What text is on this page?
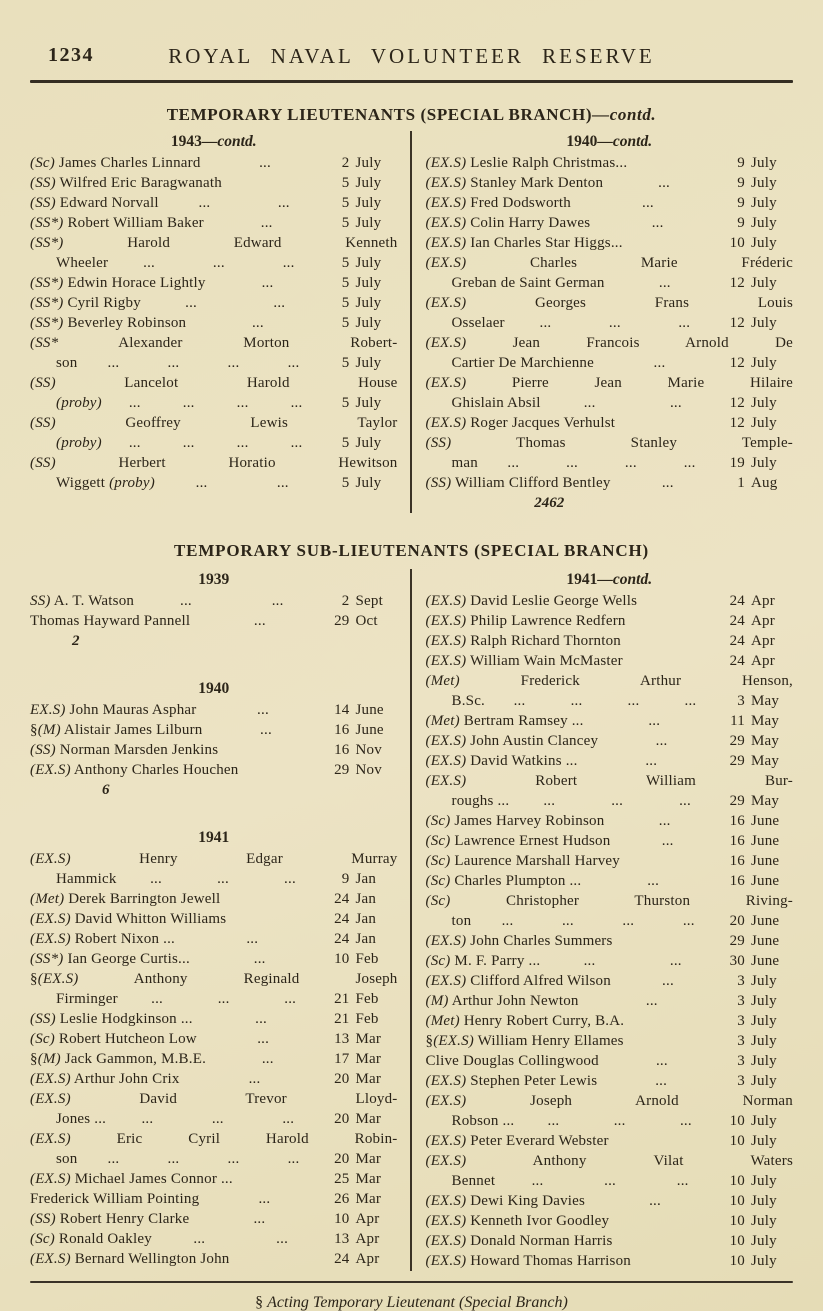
1234	ROYAL NAVAL VOLUNTEER RESERVE
TEMPORARY LIEUTENANTS (SPECIAL BRANCH)—contd.
1943—contd.
(Sc) James Charles Linnard	...	2 July
(SS) Wilfred Eric Baragwanath	5 July
(SS) Edward Norvall	...	...	5 July
(SS*) Robert William Baker	...	5 July
(SS*) Harold Edward Kenneth
Wheeler ...	...	...	5 July
(SS*) Edwin Horace Lightly	...	5 July
(SS*) Cyril Rigby	...	...	5 July
(SS*) Beverley Robinson	...	5 July
(SS* Alexander Morton Robert-
son ...	...	...	...	5 July
(SS) Lancelot Harold House
(proby) ...	...	...	...	5 July
(SS) Geoffrey Lewis Taylor
(proby) ...	...	...	...	5 July
(SS) Herbert Horatio Hewitson
Wiggett (proby)	...	...	5 July
1940—contd.
(EX.S) Leslie Ralph Christmas...	9 July
(EX.S) Stanley Mark Denton	...	9 July
(EX.S) Fred Dodsworth	...	9 July
(EX.S) Colin Harry Dawes	...	9 July
(EX.S) Ian Charles Star Higgs...	10 July
(EX.S) Charles Marie Fréderic
Greban de Saint German	...	12 July
(EX.S) Georges Frans Louis
Osselaer ...	...	...	12 July
(EX.S) Jean Francois Arnold De
Cartier De Marchienne	...	12 July
(EX.S) Pierre Jean Marie Hilaire
Ghislain Absil	...	...	12 July
(EX.S) Roger Jacques Verhulst	12 July
(SS) Thomas Stanley Temple-
man ...	...	...	...	19 July
(SS) William Clifford Bentley	...	1 Aug
2462
TEMPORARY SUB-LIEUTENANTS (SPECIAL BRANCH)
1939
SS) A. T. Watson	...	...	2 Sept
Thomas Hayward Pannell	...	29 Oct
2
1940
EX.S) John Mauras Asphar	...	14 June
§(M) Alistair James Lilburn	...	16 June
(SS) Norman Marsden Jenkins	16 Nov
(EX.S) Anthony Charles Houchen	29 Nov
6
1941
(EX.S) Henry Edgar Murray
Hammick ...	...	...	9 Jan
(Met) Derek Barrington Jewell	24 Jan
(EX.S) David Whitton Williams	24 Jan
(EX.S) Robert Nixon ...	...	24 Jan
(SS*) Ian George Curtis...	...	10 Feb
§(EX.S) Anthony Reginald Joseph
Firminger ...	...	...	21 Feb
(SS) Leslie Hodgkinson ...	...	21 Feb
(Sc) Robert Hutcheon Low	...	13 Mar
§(M) Jack Gammon, M.B.E.	...	17 Mar
(EX.S) Arthur John Crix	...	20 Mar
(EX.S) David Trevor Lloyd-
Jones ... ...	...	...	20 Mar
(EX.S) Eric Cyril Harold Robin-
son ...	...	...	...	20 Mar
(EX.S) Michael James Connor ...	25 Mar
Frederick William Pointing	...	26 Mar
(SS) Robert Henry Clarke	...	10 Apr
(Sc) Ronald Oakley	...	...	13 Apr
(EX.S) Bernard Wellington John	24 Apr
1941—contd.
(EX.S) David Leslie George Wells	24 Apr
(EX.S) Philip Lawrence Redfern	24 Apr
(EX.S) Ralph Richard Thornton	24 Apr
(EX.S) William Wain McMaster	24 Apr
(Met) Frederick Arthur Henson,
B.Sc. ...	...	...	...	3 May
(Met) Bertram Ramsey ...	...	11 May
(EX.S) John Austin Clancey	...	29 May
(EX.S) David Watkins ...	...	29 May
(EX.S) Robert William Bur-
roughs ... ...	...	...	29 May
(Sc) James Harvey Robinson	...	16 June
(Sc) Lawrence Ernest Hudson	...	16 June
(Sc) Laurence Marshall Harvey	16 June
(Sc) Charles Plumpton ...	...	16 June
(Sc) Christopher Thurston Riving-
ton ...	...	...	...	20 June
(EX.S) John Charles Summers	29 June
(Sc) M. F. Parry ...	...	...	30 June
(EX.S) Clifford Alfred Wilson	...	3 July
(M) Arthur John Newton	...	3 July
(Met) Henry Robert Curry, B.A.	3 July
§(EX.S) William Henry Ellames	3 July
Clive Douglas Collingwood	...	3 July
(EX.S) Stephen Peter Lewis	...	3 July
(EX.S) Joseph Arnold Norman
Robson ... ...	...	...	10 July
(EX.S) Peter Everard Webster	10 July
(EX.S) Anthony Vilat Waters
Bennet ...	...	...	10 July
(EX.S) Dewi King Davies	...	10 July
(EX.S) Kenneth Ivor Goodley	10 July
(EX.S) Donald Norman Harris	10 July
(EX.S) Howard Thomas Harrison	10 July
§ Acting Temporary Lieutenant (Special Branch)
